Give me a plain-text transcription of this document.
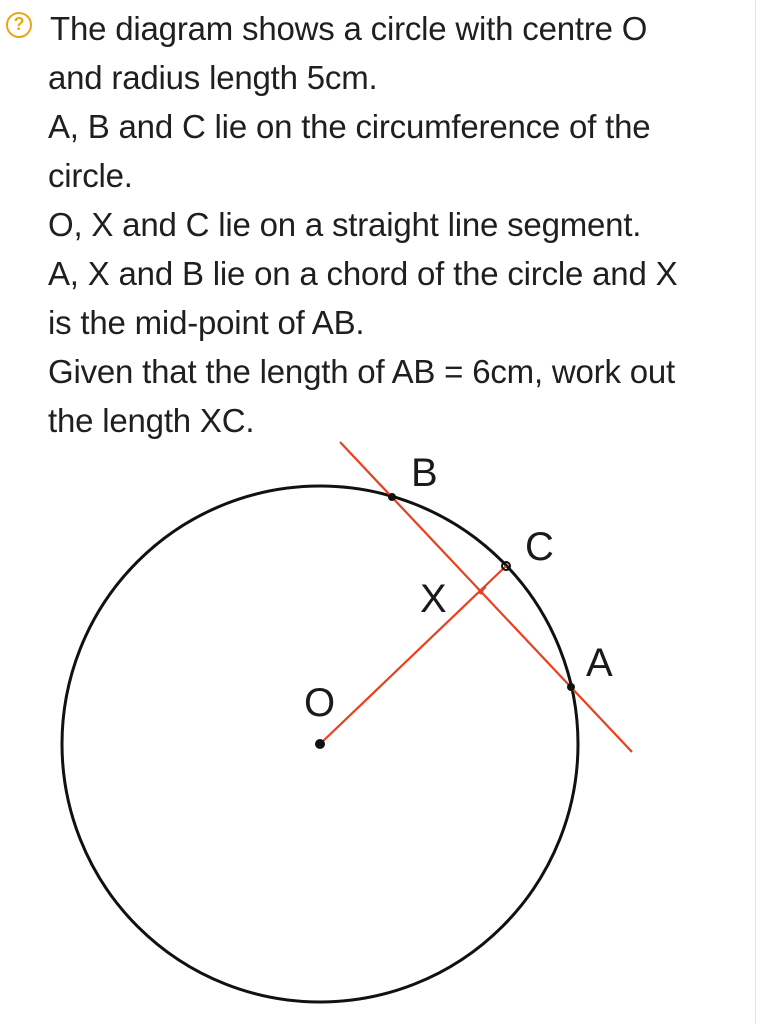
? The diagram shows a circle with centre O
and radius length 5cm.
A, B and C lie on the circumference of the
circle.
O, X and C lie on a straight line segment.
A, X and B lie on a chord of the circle and X
is the mid-point of AB.
Given that the length of AB = 6cm, work out
the length XC.
B
C
X
A
O
